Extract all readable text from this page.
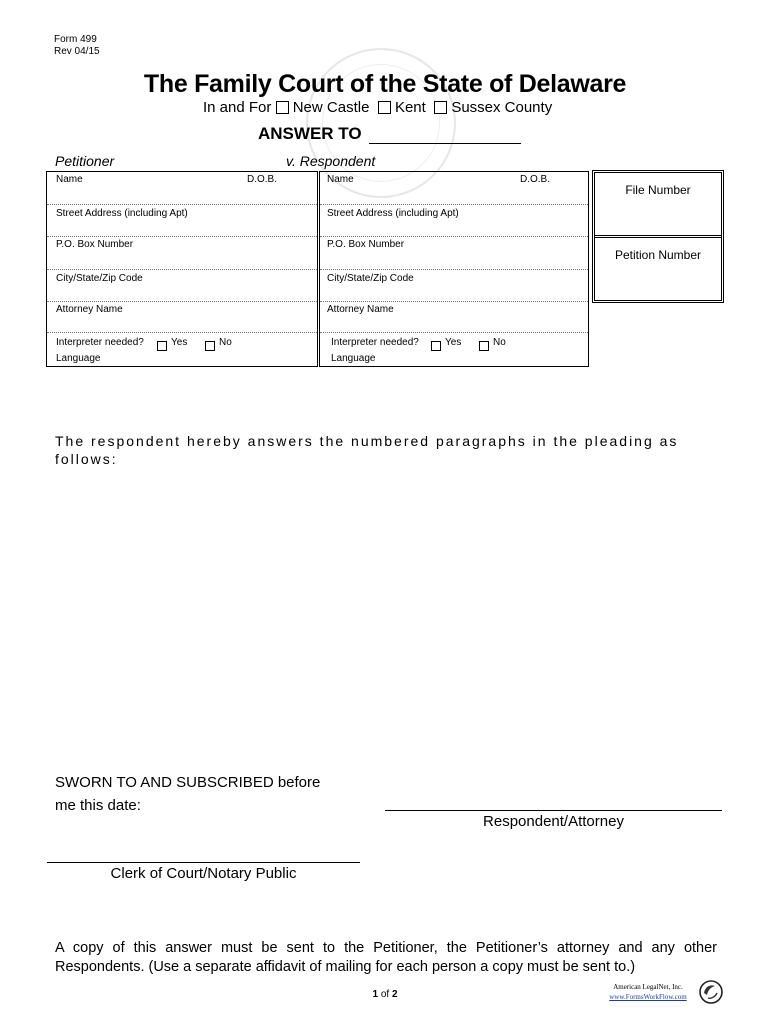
Form 499
Rev 04/15
The Family Court of the State of Delaware
In and For New Castle Kent Sussex County
ANSWER TO
Petitioner	v. Respondent
Name	D.O.B.
Street Address (including Apt)
P.O. Box Number
City/State/Zip Code
Attorney Name
Interpreter needed?	Yes	No
Language
Name	D.O.B.
Street Address (including Apt)
P.O. Box Number
City/State/Zip Code
Attorney Name
Interpreter needed?	Yes	No
Language
File Number
Petition Number
The respondent hereby answers the numbered paragraphs in the pleading as follows:
SWORN TO AND SUBSCRIBED before
me this date:
Respondent/Attorney
Clerk of Court/Notary Public
A copy of this answer must be sent to the Petitioner, the Petitioner’s attorney and any other Respondents. (Use a separate affidavit of mailing for each person a copy must be sent to.)
1 of 2
American LegalNet, Inc.
www.FormsWorkFlow.com
